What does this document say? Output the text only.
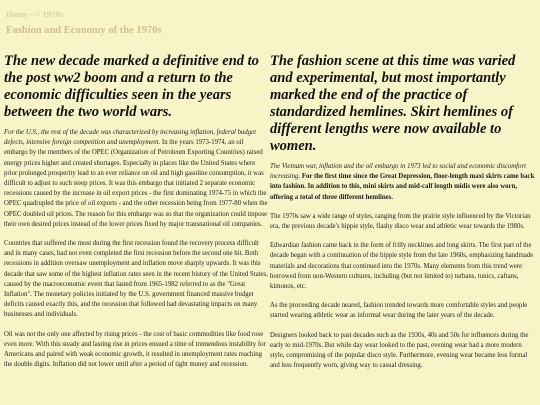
Home --> 1970s
Fashion and Economy of the 1970s
The new decade marked a definitive end to the post ww2 boom and a return to the economic difficulties seen in the years between the two world wars.

For the U.S., the rest of the decade was characterized by increasing inflation, federal budget defects, intensive foreign competition and unemployment. In the years 1973-1974, an oil embargo by the members of the OPEC (Organization of Petroleum Exporting Countries) raised energy prices higher and created shortages. Especially in places like the United States where prior prolonged prosperity lead to an ever reliance on oil and high gasoline consumption, it was difficult to adjust to such steep prices. It was this embargo that initiated 2 separate economic recessions caused by the increase in oil export prices - the first dominating 1974-75 in which the OPEC quadrupled the price of oil exports - and the other recession being from 1977-80 when the OPEC doubled oil prices. The reason for this embargo was so that the organization could impose their own desired prices instead of the lower prices fixed by major transnational oil companies.

Countries that suffered the most during the first recession found the recovery process difficult and in many cases, had not even completed the first recession before the second one hit. Both recessions in addition oversaw unemployment and inflation move sharply upwards. It was this decade that saw some of the highest inflation rates seen in the recent history of the United States, caused by the macroeconomic event that lasted from 1965-1982 referred to as the "Great Inflation". The monetary policies initiated by the U.S. government financed massive budget deficits caused exactly this, and the recession that followed had devastating impacts on many businesses and individuals.

Oil was not the only one affected by rising prices - the cost of basic commodities like food rose even more. With this steady and lasting rise in prices ensued a time of tremendous instability for Americans and paired with weak economic growth, it resulted in unemployment rates reaching the double digits. Inflation did not lower until after a period of tight money and recession.

The fashion scene at this time was varied and experimental, but most importantly marked the end of the practice of standardized hemlines. Skirt hemlines of different lengths were now available to women.

The Vietnam war, inflation and the oil embargo in 1973 led to social and economic discomfort increasing. For the first time since the Great Depression, floor-length maxi skirts came back into fashion. In addition to this, mini skirts and mid-calf length midis were also worn, offering a total of three different hemlines.

The 1970s saw a wide range of styles, ranging from the prairie style influenced by the Victorian era, the previous decade's hippie style, flashy disco wear and athletic wear towards the 1980s.

Edwardian fashion came back in the form of frilly necklines and long skirts. The first part of the decade began with a continuation of the hippie style from the late 1960s, emphasizing handmade materials and decorations that continued into the 1970s. Many elements from this trend were borrowed from non-Western cultures, including (but not limited to) turbans, tunics, caftans, kimonos, etc.

As the proceeding decade neared, fashion trended towards more comfortable styles and people started wearing athletic wear as informal wear during the later years of the decade.

Designers looked back to past decades such as the 1930s, 40s and 50s for influences during the early to mid-1970s. But while day wear looked to the past, evening wear had a more modern style, compromising of the popular disco style. Furthermore, evening wear became less formal and less frequently worn, giving way to casual dressing.
